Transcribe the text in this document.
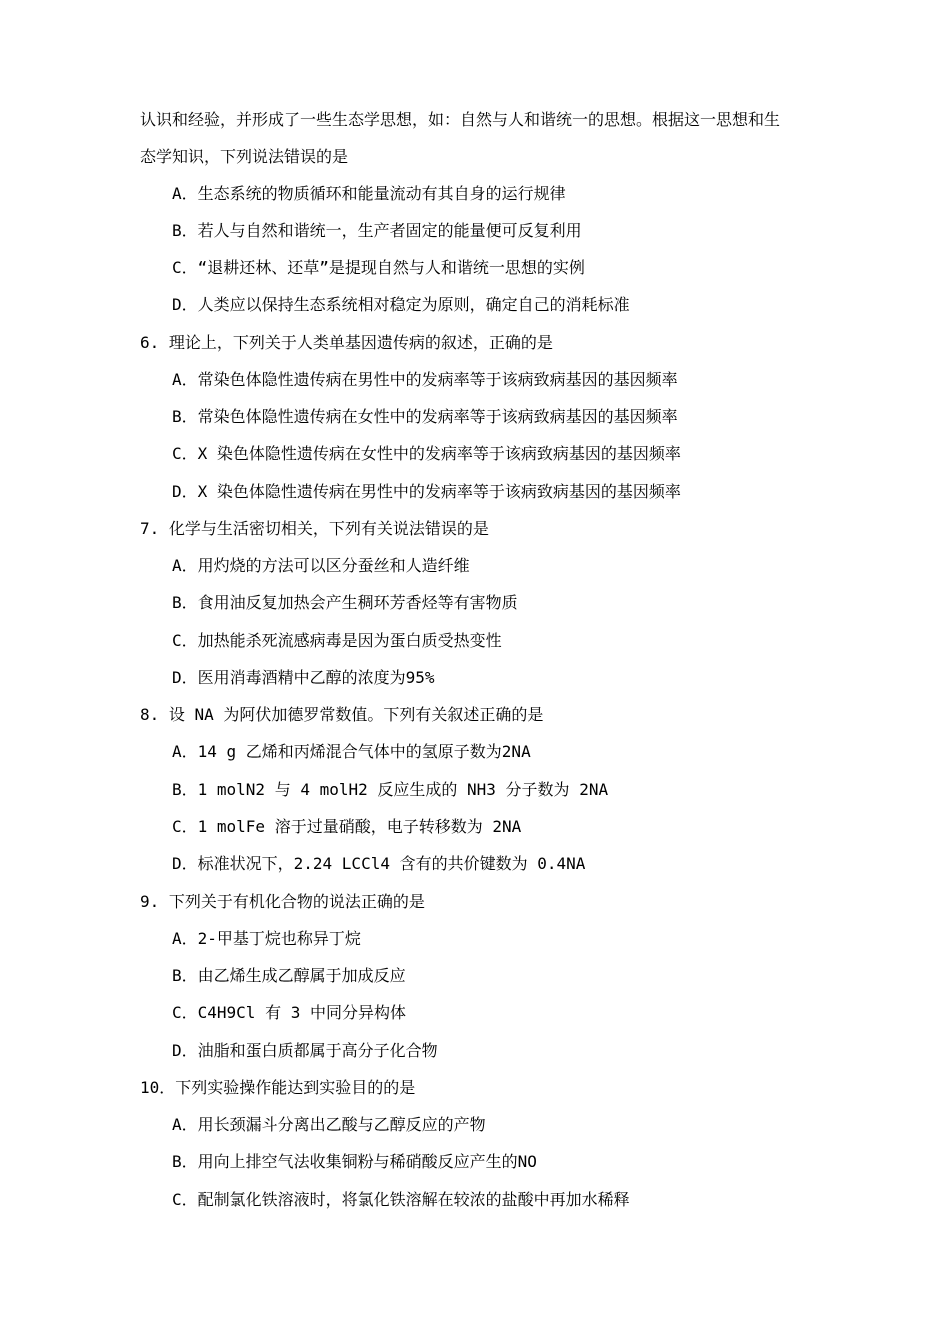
认识和经验，并形成了一些生态学思想，如：自然与人和谐统一的思想。根据这一思想和生
态学知识，下列说法错误的是
A．生态系统的物质循环和能量流动有其自身的运行规律
B．若人与自然和谐统一，生产者固定的能量便可反复利用
C．“退耕还林、还草”是提现自然与人和谐统一思想的实例
D．人类应以保持生态系统相对稳定为原则，确定自己的消耗标准
6. 理论上，下列关于人类单基因遗传病的叙述，正确的是
A．常染色体隐性遗传病在男性中的发病率等于该病致病基因的基因频率
B．常染色体隐性遗传病在女性中的发病率等于该病致病基因的基因频率
C．X 染色体隐性遗传病在女性中的发病率等于该病致病基因的基因频率
D．X 染色体隐性遗传病在男性中的发病率等于该病致病基因的基因频率
7. 化学与生活密切相关，下列有关说法错误的是
A．用灼烧的方法可以区分蚕丝和人造纤维
B．食用油反复加热会产生稠环芳香烃等有害物质
C．加热能杀死流感病毒是因为蛋白质受热变性
D．医用消毒酒精中乙醇的浓度为95%
8. 设 NA 为阿伏加德罗常数值。下列有关叙述正确的是
A．14 g 乙烯和丙烯混合气体中的氢原子数为2NA
B．1 molN2 与 4 molH2 反应生成的 NH3 分子数为 2NA
C．1 molFe 溶于过量硝酸，电子转移数为 2NA
D．标准状况下，2.24 LCCl4 含有的共价键数为 0.4NA
9. 下列关于有机化合物的说法正确的是
A．2-甲基丁烷也称异丁烷
B．由乙烯生成乙醇属于加成反应
C．C4H9Cl 有 3 中同分异构体
D．油脂和蛋白质都属于高分子化合物
10．下列实验操作能达到实验目的的是
A．用长颈漏斗分离出乙酸与乙醇反应的产物
B．用向上排空气法收集铜粉与稀硝酸反应产生的NO
C．配制氯化铁溶液时，将氯化铁溶解在较浓的盐酸中再加水稀释
